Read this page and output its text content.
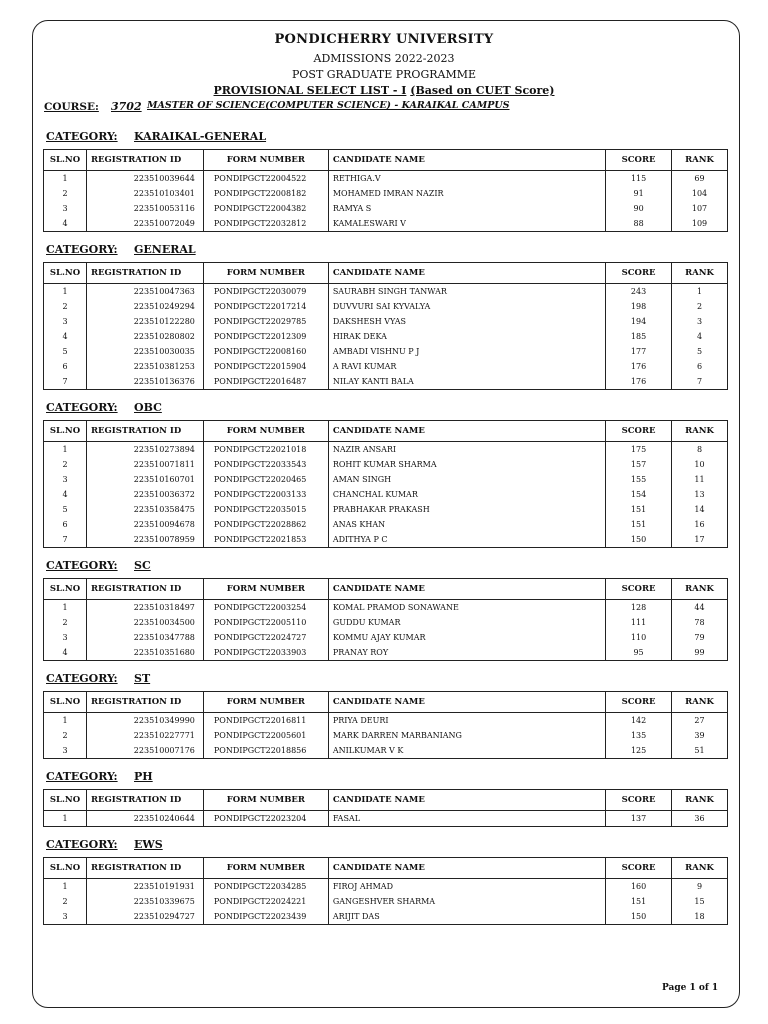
PONDICHERRY UNIVERSITY
ADMISSIONS 2022-2023
POST GRADUATE PROGRAMME
PROVISIONAL SELECT LIST - I (Based on CUET Score)
COURSE: 3702 MASTER OF SCIENCE(COMPUTER SCIENCE) - KARAIKAL CAMPUS
CATEGORY: KARAIKAL-GENERAL
SL.NO	REGISTRATION ID	FORM NUMBER	CANDIDATE NAME	SCORE	RANK
1	223510039644	PONDIPGCT22004522	RETHIGA.V	115	69
2	223510103401	PONDIPGCT22008182	MOHAMED IMRAN NAZIR	91	104
3	223510053116	PONDIPGCT22004382	RAMYA S	90	107
4	223510072049	PONDIPGCT22032812	KAMALESWARI V	88	109
CATEGORY: GENERAL
SL.NO	REGISTRATION ID	FORM NUMBER	CANDIDATE NAME	SCORE	RANK
1	223510047363	PONDIPGCT22030079	SAURABH SINGH TANWAR	243	1
2	223510249294	PONDIPGCT22017214	DUVVURI SAI KYVALYA	198	2
3	223510122280	PONDIPGCT22029785	DAKSHESH VYAS	194	3
4	223510280802	PONDIPGCT22012309	HIRAK DEKA	185	4
5	223510030035	PONDIPGCT22008160	AMBADI VISHNU P J	177	5
6	223510381253	PONDIPGCT22015904	A RAVI KUMAR	176	6
7	223510136376	PONDIPGCT22016487	NILAY KANTI BALA	176	7
CATEGORY: OBC
SL.NO	REGISTRATION ID	FORM NUMBER	CANDIDATE NAME	SCORE	RANK
1	223510273894	PONDIPGCT22021018	NAZIR ANSARI	175	8
2	223510071811	PONDIPGCT22033543	ROHIT KUMAR SHARMA	157	10
3	223510160701	PONDIPGCT22020465	AMAN SINGH	155	11
4	223510036372	PONDIPGCT22003133	CHANCHAL KUMAR	154	13
5	223510358475	PONDIPGCT22035015	PRABHAKAR PRAKASH	151	14
6	223510094678	PONDIPGCT22028862	ANAS KHAN	151	16
7	223510078959	PONDIPGCT22021853	ADITHYA P C	150	17
CATEGORY: SC
SL.NO	REGISTRATION ID	FORM NUMBER	CANDIDATE NAME	SCORE	RANK
1	223510318497	PONDIPGCT22003254	KOMAL PRAMOD SONAWANE	128	44
2	223510034500	PONDIPGCT22005110	GUDDU KUMAR	111	78
3	223510347788	PONDIPGCT22024727	KOMMU AJAY KUMAR	110	79
4	223510351680	PONDIPGCT22033903	PRANAY ROY	95	99
CATEGORY: ST
SL.NO	REGISTRATION ID	FORM NUMBER	CANDIDATE NAME	SCORE	RANK
1	223510349990	PONDIPGCT22016811	PRIYA DEURI	142	27
2	223510227771	PONDIPGCT22005601	MARK DARREN MARBANIANG	135	39
3	223510007176	PONDIPGCT22018856	ANILKUMAR V K	125	51
CATEGORY: PH
SL.NO	REGISTRATION ID	FORM NUMBER	CANDIDATE NAME	SCORE	RANK
1	223510240644	PONDIPGCT22023204	FASAL	137	36
CATEGORY: EWS
SL.NO	REGISTRATION ID	FORM NUMBER	CANDIDATE NAME	SCORE	RANK
1	223510191931	PONDIPGCT22034285	FIROJ AHMAD	160	9
2	223510339675	PONDIPGCT22024221	GANGESHVER SHARMA	151	15
3	223510294727	PONDIPGCT22023439	ARIJIT DAS	150	18
Page 1 of 1
